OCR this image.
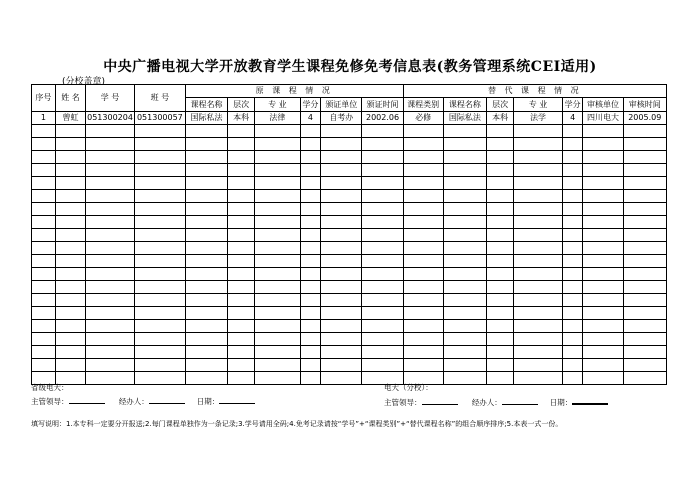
中央广播电视大学开放教育学生课程免修免考信息表(教务管理系统CEI适用)
(分校盖章)
序号	姓 名	学 号	班 号	原 课 程 情 况						替 代 课 程 情 况						
				课程名称	层次	专 业	学分	颁证单位	颁证时间	课程类别	课程名称	层次	专 业	学分	审核单位	审核时间
1	曾虹	051300204	051300057	国际私法	本科	法律	4	自考办	2002.06	必修	国际私法	本科	法学	4	四川电大	2005.09

省级电大：	电大（分校）：
主管领导：	经办人：	日期：	主管领导：	经办人：	日期：
填写说明：1.本专科一定要分开报送;2.每门课程单独作为一条记录;3.学号请用全码;4.免考记录请按“学号”+“课程类别”+“替代课程名称”的组合顺序排序;5.本表一式一份。
